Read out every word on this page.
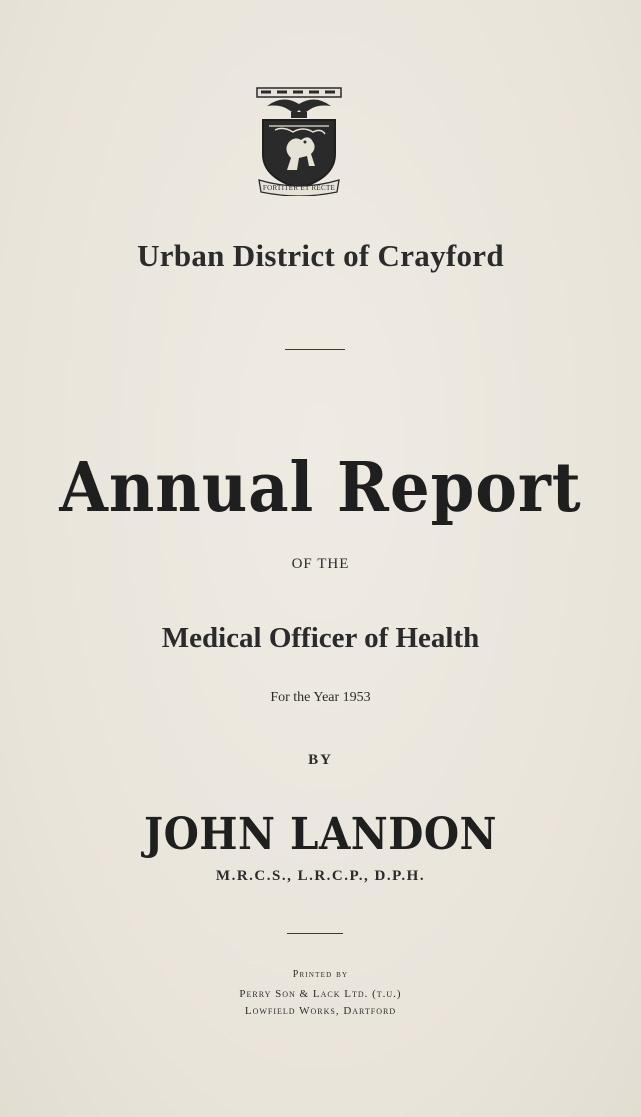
FORTITER ET RECTE
Urban District of Crayford
Annual Report
OF THE
Medical Officer of Health
For the Year 1953
BY
JOHN LANDON
M.R.C.S., L.R.C.P., D.P.H.
Printed by
Perry Son & Lack Ltd. (t.u.)
Lowfield Works, Dartford
